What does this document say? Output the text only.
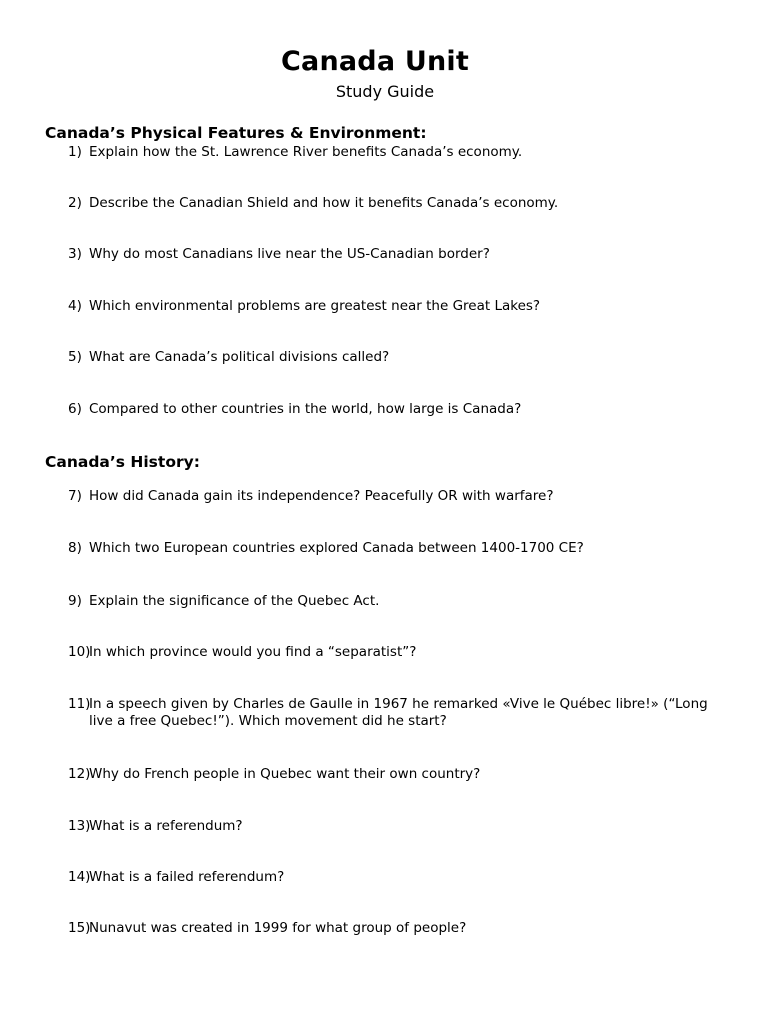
Canada Unit
Study Guide
Canada’s Physical Features & Environment:
1) Explain how the St. Lawrence River benefits Canada’s economy.
2) Describe the Canadian Shield and how it benefits Canada’s economy.
3) Why do most Canadians live near the US-Canadian border?
4) Which environmental problems are greatest near the Great Lakes?
5) What are Canada’s political divisions called?
6) Compared to other countries in the world, how large is Canada?
Canada’s History:
7) How did Canada gain its independence? Peacefully OR with warfare?
8) Which two European countries explored Canada between 1400-1700 CE?
9) Explain the significance of the Quebec Act.
10)
In which province would you find a “separatist”?
11)
In a speech given by Charles de Gaulle in 1967 he remarked «Vive le Québec libre!» (“Long live a free Quebec!”). Which movement did he start?
12)
Why do French people in Quebec want their own country?
13)
What is a referendum?
14)
What is a failed referendum?
15)
Nunavut was created in 1999 for what group of people?
